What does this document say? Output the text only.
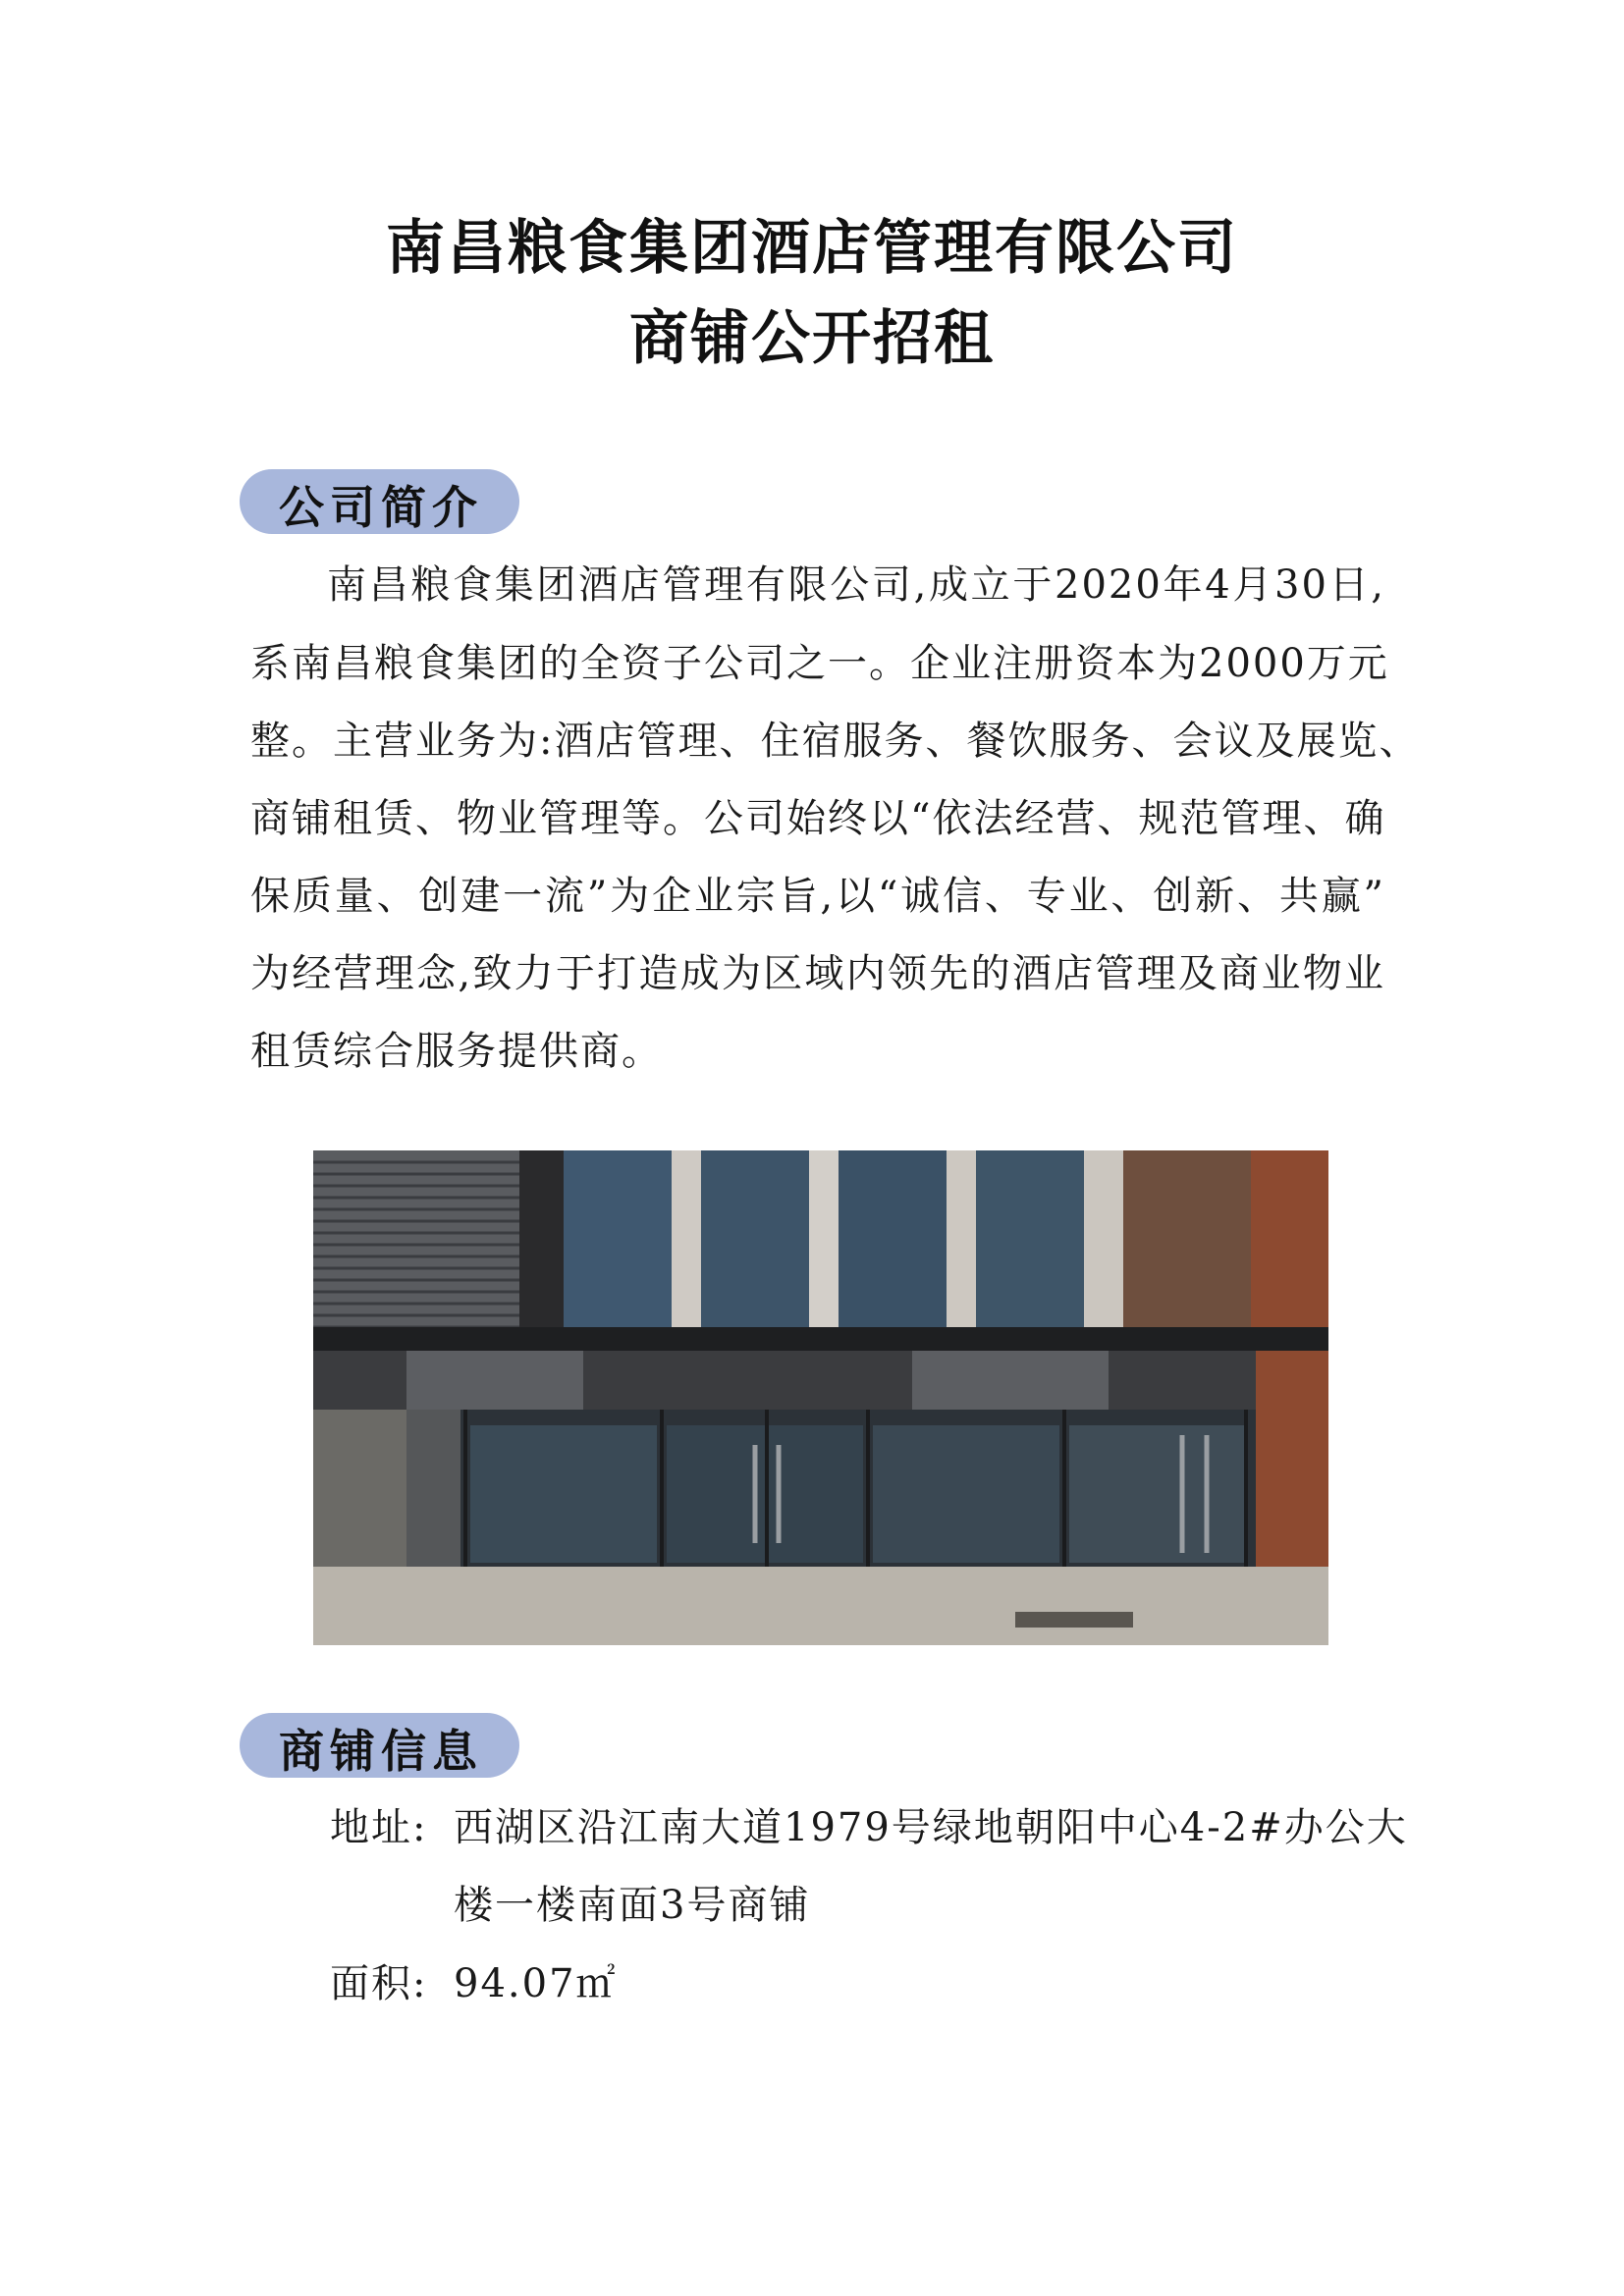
南昌粮食集团酒店管理有限公司
商铺公开招租
公司简介
南昌粮食集团酒店管理有限公司,成立于2020年4月30日,
系南昌粮食集团的全资子公司之一。企业注册资本为2000万元
整。主营业务为:酒店管理、住宿服务、餐饮服务、会议及展览、
商铺租赁、物业管理等。公司始终以“依法经营、规范管理、确
保质量、创建一流”为企业宗旨,以“诚信、专业、创新、共赢”
为经营理念,致力于打造成为区域内领先的酒店管理及商业物业
租赁综合服务提供商。
商铺信息
地址: 西湖区沿江南大道1979号绿地朝阳中心4-2#办公大
楼一楼南面3号商铺
面积: 94.07㎡
